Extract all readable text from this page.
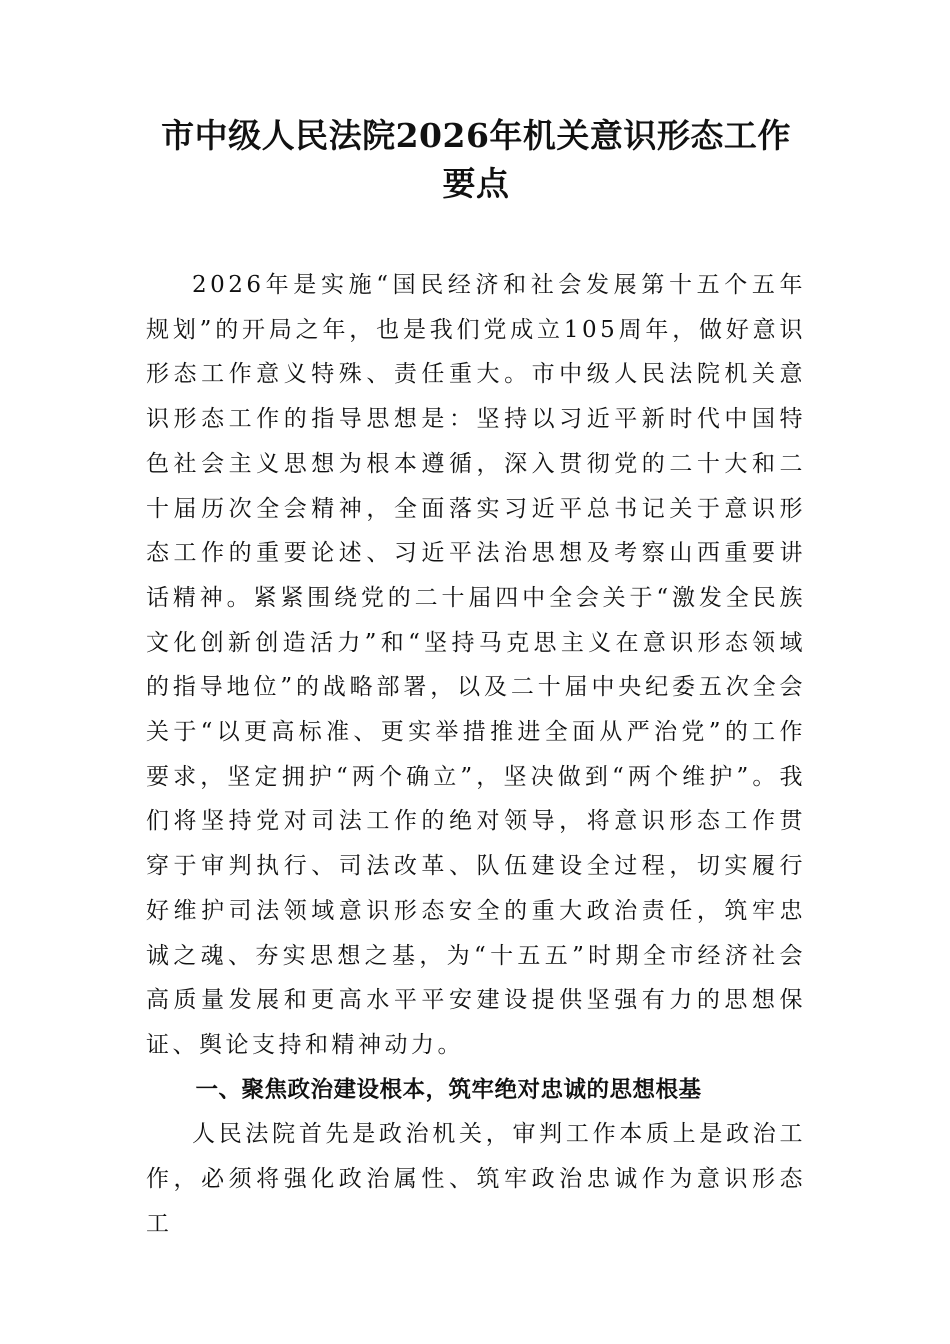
市中级人民法院2026年机关意识形态工作
要点

2026年是实施“国民经济和社会发展第十五个五年规划”的开局之年，也是我们党成立105周年，做好意识形态工作意义特殊、责任重大。市中级人民法院机关意识形态工作的指导思想是：坚持以习近平新时代中国特色社会主义思想为根本遵循，深入贯彻党的二十大和二十届历次全会精神，全面落实习近平总书记关于意识形态工作的重要论述、习近平法治思想及考察山西重要讲话精神。紧紧围绕党的二十届四中全会关于“激发全民族文化创新创造活力”和“坚持马克思主义在意识形态领域的指导地位”的战略部署，以及二十届中央纪委五次全会关于“以更高标准、更实举措推进全面从严治党”的工作要求，坚定拥护“两个确立”，坚决做到“两个维护”。我们将坚持党对司法工作的绝对领导，将意识形态工作贯穿于审判执行、司法改革、队伍建设全过程，切实履行好维护司法领域意识形态安全的重大政治责任，筑牢忠诚之魂、夯实思想之基，为“十五五”时期全市经济社会高质量发展和更高水平平安建设提供坚强有力的思想保证、舆论支持和精神动力。

一、聚焦政治建设根本，筑牢绝对忠诚的思想根基

人民法院首先是政治机关，审判工作本质上是政治工作，必须将强化政治属性、筑牢政治忠诚作为意识形态工
